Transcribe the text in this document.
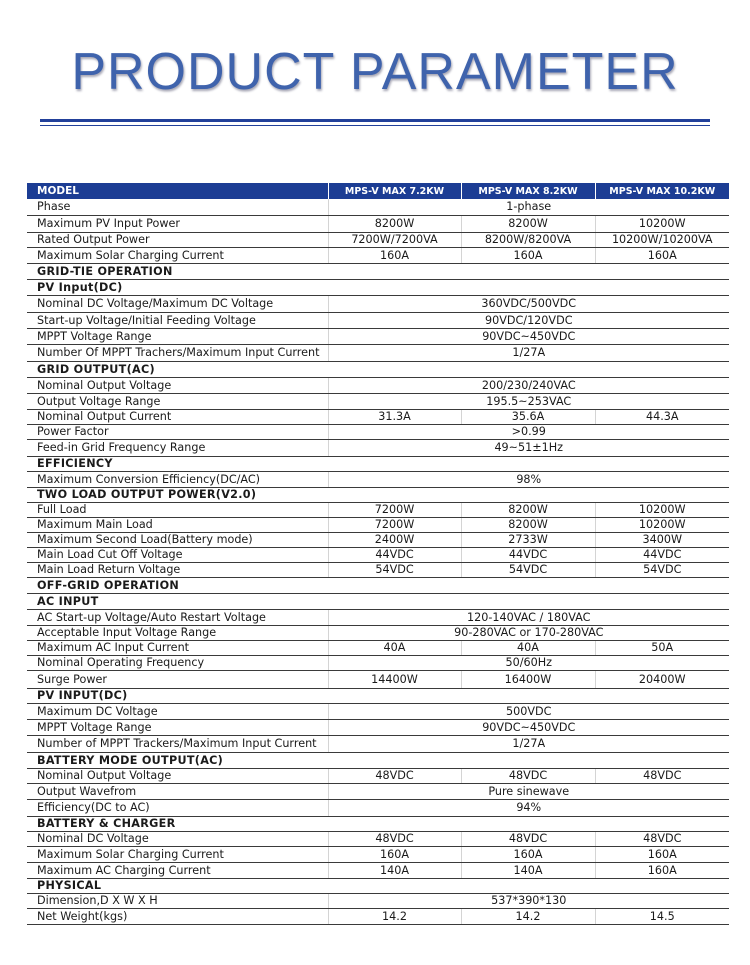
PRODUCT PARAMETER
MODEL	MPS-V MAX 7.2KW	MPS-V MAX 8.2KW	MPS-V MAX 10.2KW
Phase	1-phase		
Maximum PV Input Power	8200W	8200W	10200W
Rated Output Power	7200W/7200VA	8200W/8200VA	10200W/10200VA
Maximum Solar Charging Current	160A	160A	160A
GRID-TIE OPERATION			
PV Input(DC)			
Nominal DC Voltage/Maximum DC Voltage	360VDC/500VDC		
Start-up Voltage/Initial Feeding Voltage	90VDC/120VDC		
MPPT Voltage Range	90VDC~450VDC		
Number Of MPPT Trachers/Maximum Input Current	1/27A		
GRID OUTPUT(AC)			
Nominal Output Voltage	200/230/240VAC		
Output Voltage Range	195.5~253VAC		
Nominal Output Current	31.3A	35.6A	44.3A
Power Factor	>0.99		
Feed-in Grid Frequency Range	49~51±1Hz		
EFFICIENCY			
Maximum Conversion Efficiency(DC/AC)	98%		
TWO LOAD OUTPUT POWER(V2.0)			
Full Load	7200W	8200W	10200W
Maximum Main Load	7200W	8200W	10200W
Maximum Second Load(Battery mode)	2400W	2733W	3400W
Main Load Cut Off Voltage	44VDC	44VDC	44VDC
Main Load Return Voltage	54VDC	54VDC	54VDC
OFF-GRID OPERATION			
AC INPUT			
AC Start-up Voltage/Auto Restart Voltage	120-140VAC / 180VAC		
Acceptable Input Voltage Range	90-280VAC or 170-280VAC		
Maximum AC Input Current	40A	40A	50A
Nominal Operating Frequency	50/60Hz		
Surge Power	14400W	16400W	20400W
PV INPUT(DC)			
Maximum DC Voltage	500VDC		
MPPT Voltage Range	90VDC~450VDC		
Number of MPPT Trackers/Maximum Input Current	1/27A		
BATTERY MODE OUTPUT(AC)			
Nominal Output Voltage	48VDC	48VDC	48VDC
Output Wavefrom	Pure sinewave		
Efficiency(DC to AC)	94%		
BATTERY & CHARGER			
Nominal DC Voltage	48VDC	48VDC	48VDC
Maximum Solar Charging Current	160A	160A	160A
Maximum AC Charging Current	140A	140A	160A
PHYSICAL			
Dimension,D X W X H	537*390*130		
Net Weight(kgs)	14.2	14.2	14.5
